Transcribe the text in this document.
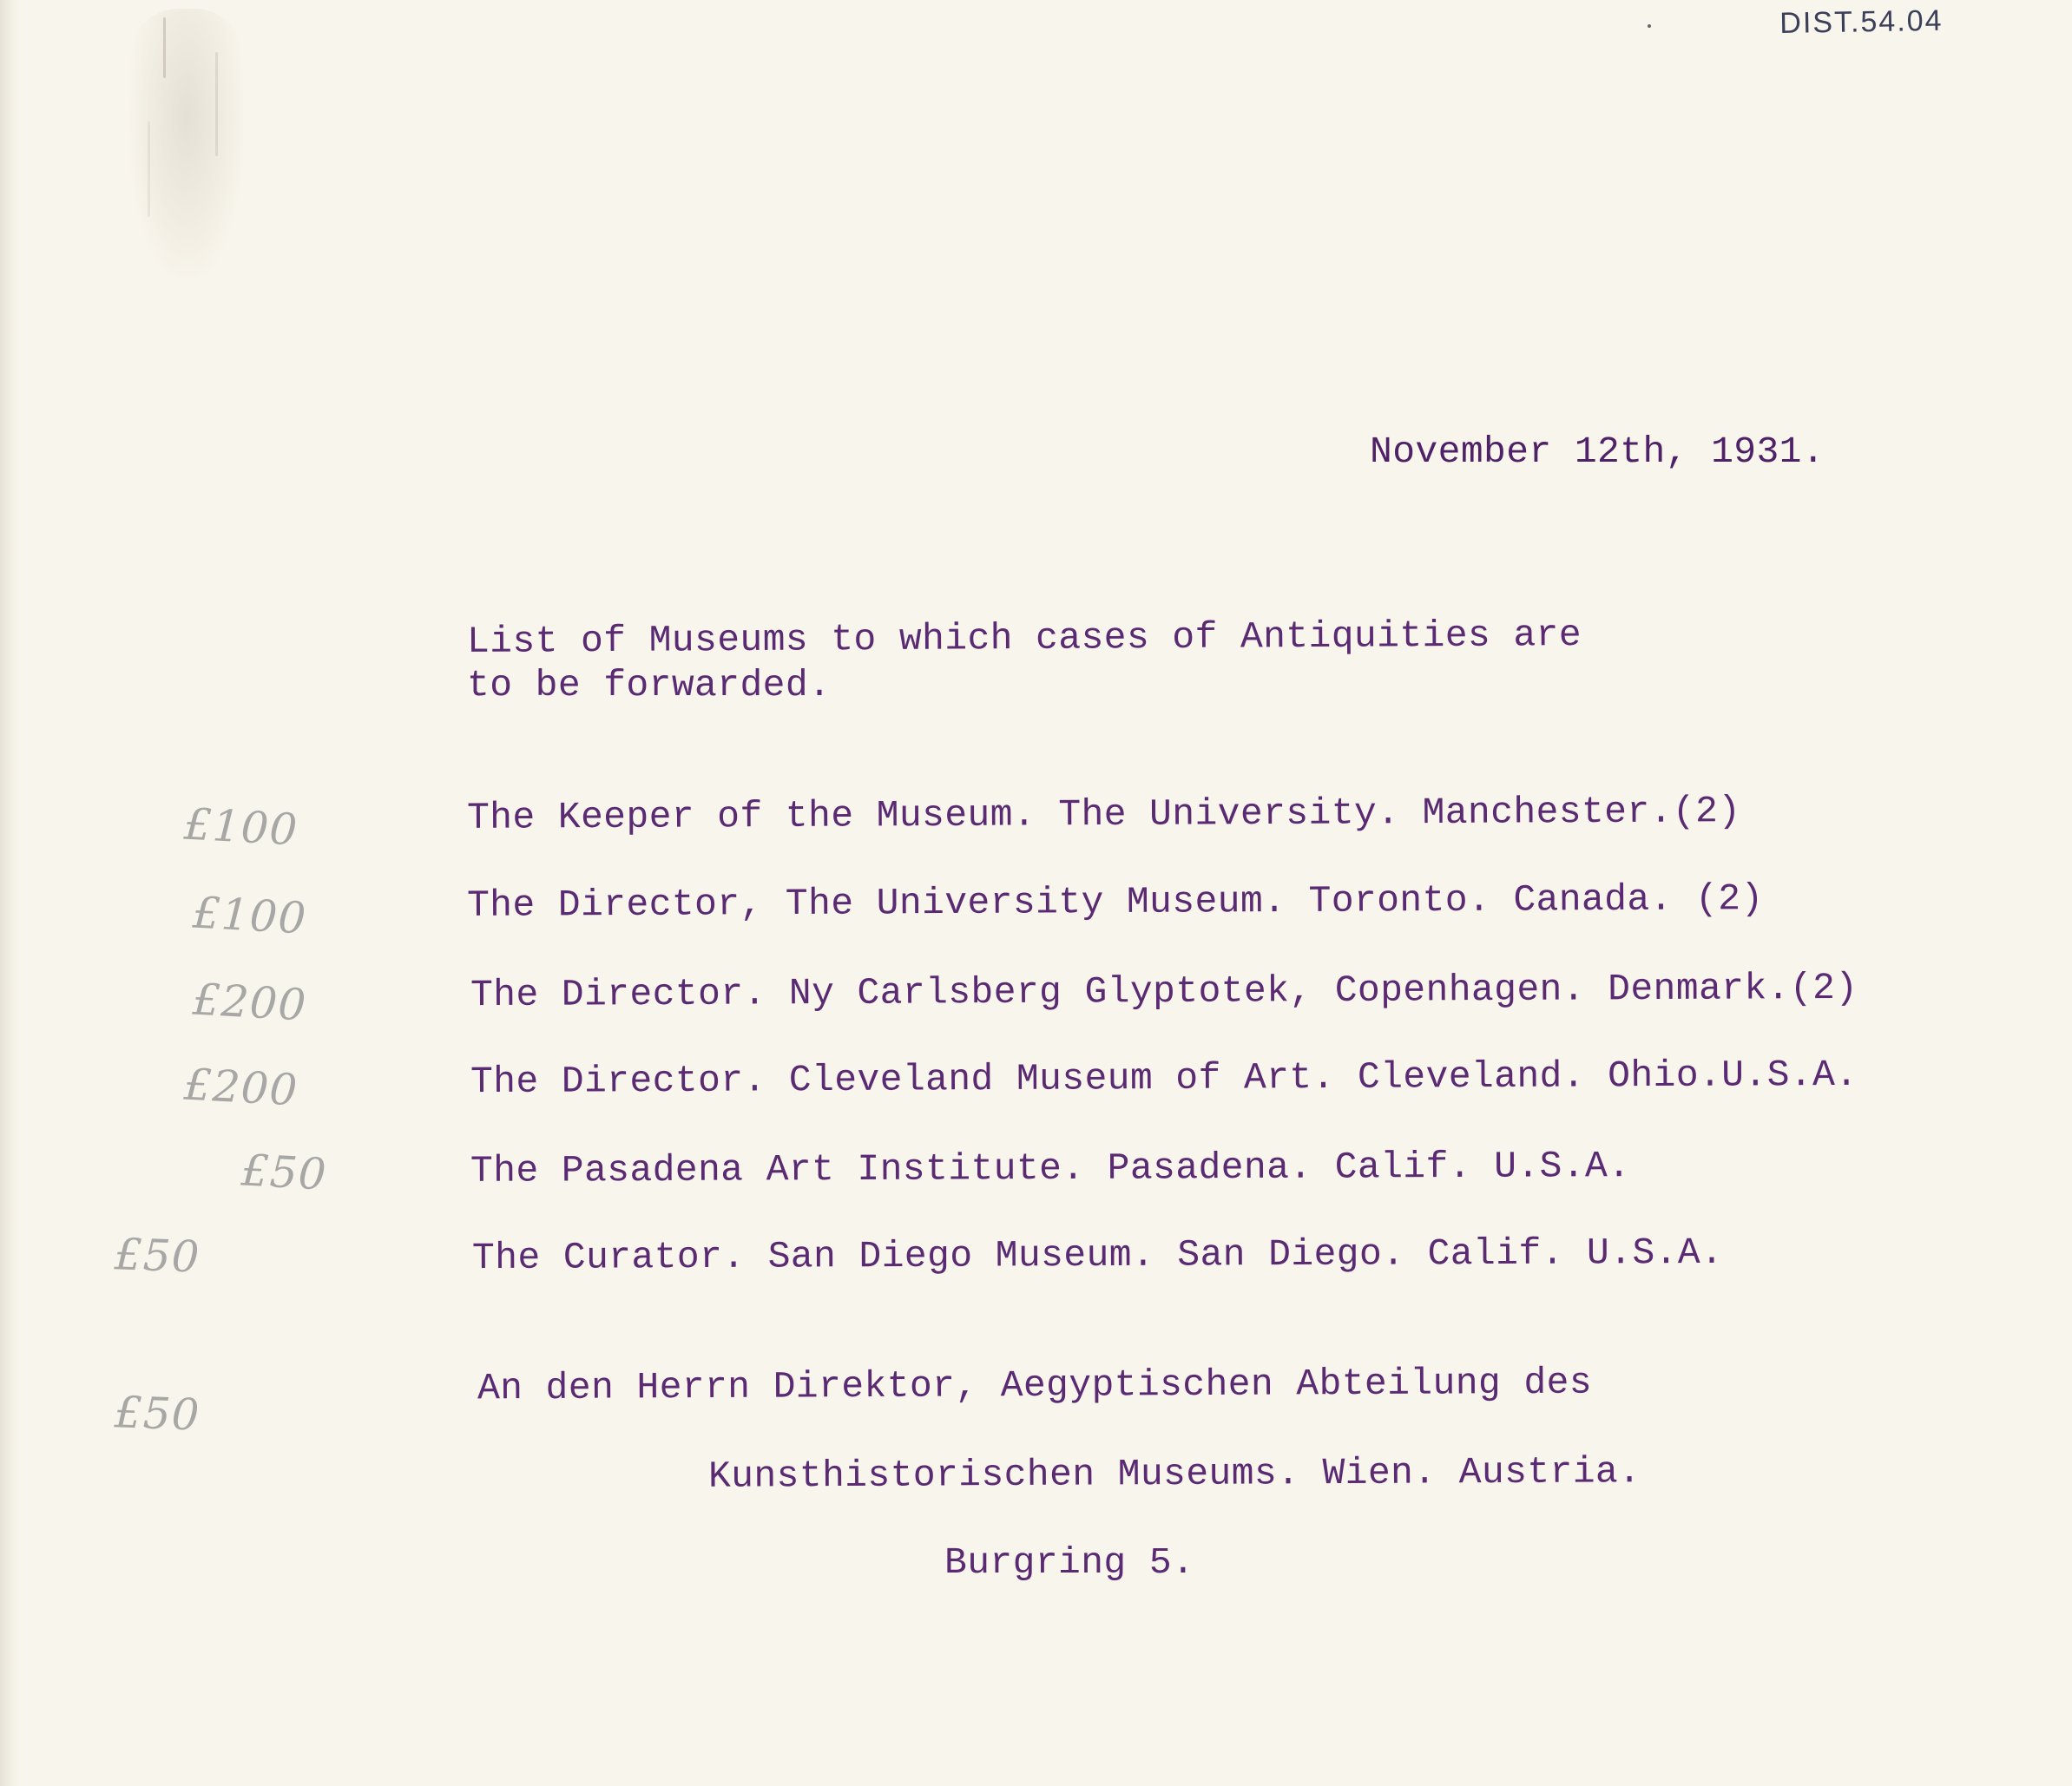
DIST.54.04
November 12th, 1931.
List of Museums to which cases of Antiquities are
to be forwarded.
£100	The Keeper of the Museum. The University. Manchester.(2)
£100	The Director, The University Museum. Toronto. Canada. (2)
£200	The Director. Ny Carlsberg Glyptotek, Copenhagen. Denmark.(2)
£200	The Director. Cleveland Museum of Art. Cleveland. Ohio.U.S.A.
£50	The Pasadena Art Institute. Pasadena. Calif. U.S.A.
£50	The Curator. San Diego Museum. San Diego. Calif. U.S.A.
£50
An den Herrn Direktor, Aegyptischen Abteilung des
Kunsthistorischen Museums. Wien. Austria.
Burgring 5.
